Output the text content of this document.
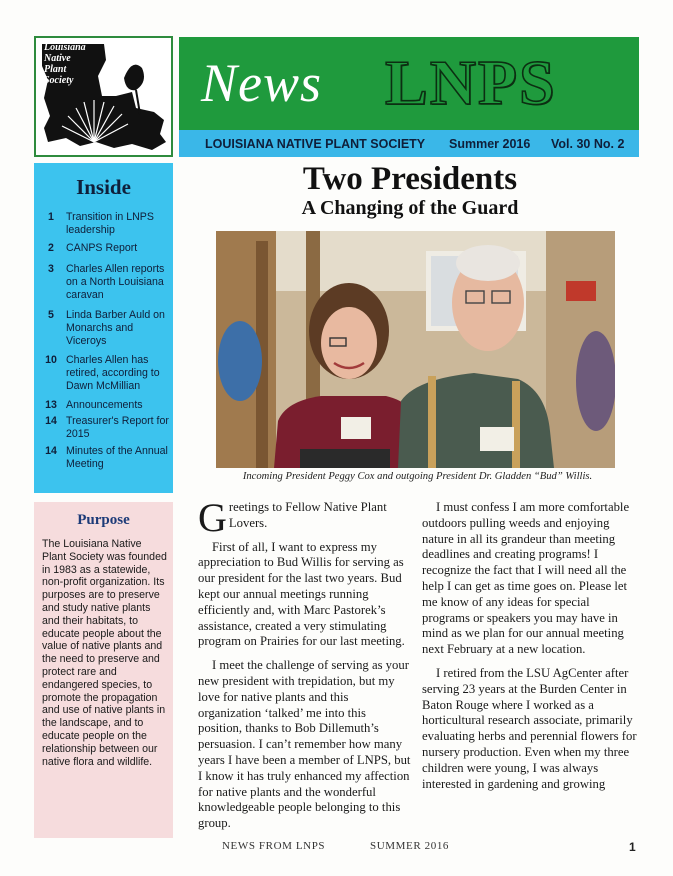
Louisiana
Native
Plant
Society	News LNPS
LOUISIANA NATIVE PLANT SOCIETY Summer 2016 Vol. 30 No. 2
Inside
1	Transition in LNPS leadership
2	CANPS Report
3	Charles Allen reports on a North Louisiana caravan
5	Linda Barber Auld on Monarchs and Viceroys
10 Charles Allen has retired, according to Dawn McMillian
13 Announcements
14 Treasurer's Report for 2015
14 Minutes of the Annual Meeting
Purpose

The Louisiana Native Plant Society was founded in 1983 as a statewide, non-profit organization. Its purposes are to preserve and study native plants and their habitats, to educate people about the value of native plants and the need to preserve and protect rare and endangered species, to promote the propagation and use of native plants in the landscape, and to educate people on the relationship between our native flora and wildlife.

Two Presidents
A Changing of the Guard
Incoming President Peggy Cox and outgoing President Dr. Gladden “Bud” Willis.

Greetings to Fellow Native Plant Lovers.

First of all, I want to express my appreciation to Bud Willis for serving as our president for the last two years. Bud kept our annual meetings running efficiently and, with Marc Pastorek’s assistance, created a very stimulating program on Prairies for our last meeting.

I meet the challenge of serving as your new president with trepidation, but my love for native plants and this organization ‘talked’ me into this position, thanks to Bob Dillemuth’s persuasion. I can’t remember how many years I have been a member of LNPS, but I know it has truly enhanced my affection for native plants and the wonderful knowledgeable people belonging to this group.

I must confess I am more comfortable outdoors pulling weeds and enjoying nature in all its grandeur than meeting deadlines and creating programs! I recognize the fact that I will need all the help I can get as time goes on. Please let me know of any ideas for special programs or speakers you may have in mind as we plan for our annual meeting next February at a new location.

I retired from the LSU AgCenter after serving 23 years at the Burden Center in Baton Rouge where I worked as a horticultural research associate, primarily evaluating herbs and perennial flowers for nursery production. Even when my three children were young, I was always interested in gardening and growing

NEWS FROM LNPS	SUMMER 2016	1
